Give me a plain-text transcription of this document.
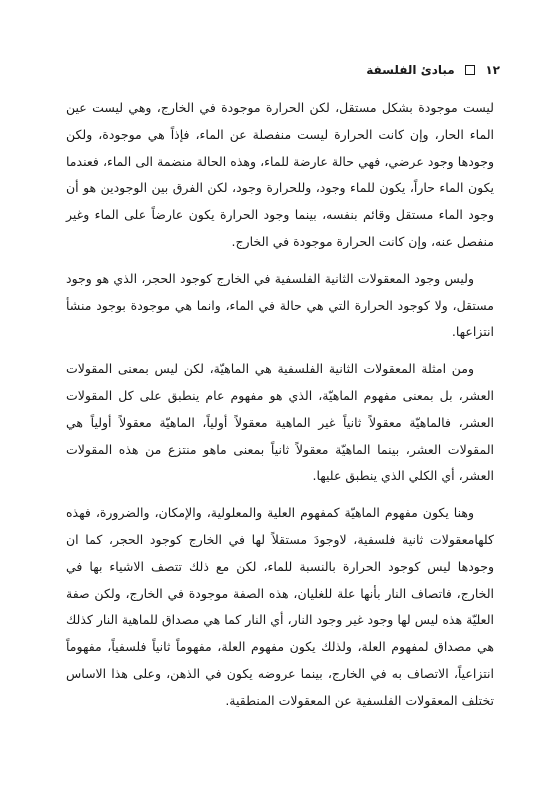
١٢  مبادئ الفلسفة

ليست موجودة بشكل مستقل، لكن الحرارة موجودة في الخارج، وهي ليست عين الماء الحار، وإن كانت الحرارة ليست منفصلة عن الماء، فإذاً هي موجودة، ولكن وجودها وجود عرضي، فهي حالة عارضة للماء، وهذه الحالة منضمة الى الماء، فعندما يكون الماء حاراً، يكون للماء وجود، وللحرارة وجود، لكن الفرق بين الوجودين هو أن وجود الماء مستقل وقائم بنفسه، بينما وجود الحرارة يكون عارضاً على الماء وغير منفصل عنه، وإن كانت الحرارة موجودة في الخارج.

وليس وجود المعقولات الثانية الفلسفية في الخارج كوجود الحجر، الذي هو وجود مستقل، ولا كوجود الحرارة التي هي حالة في الماء، وانما هي موجودة بوجود منشأ انتزاعها.

ومن امثلة المعقولات الثانية الفلسفية هي الماهيّة، لكن ليس بمعنى المقولات العشر، بل بمعنى مفهوم الماهيّة، الذي هو مفهوم عام ينطبق على كل المقولات العشر، فالماهيّة معقولاً ثانياً غير الماهية معقولاً أولياً، الماهيّة معقولاً أولياً هي المقولات العشر، بينما الماهيّة معقولاً ثانياً بمعنى ماهو منتزع من هذه المقولات العشر، أي الكلي الذي ينطبق عليها.

وهنا يكون مفهوم الماهيّة كمفهوم العلية والمعلولية، والإمكان، والضرورة، فهذه كلهامعقولات ثانية فلسفية، لاوجودَ مستقلاً لها في الخارج كوجود الحجر، كما ان وجودها ليس كوجود الحرارة بالنسبة للماء، لكن مع ذلك تتصف الاشياء بها في الخارج، فاتصاف النار بأنها علة للغليان، هذه الصفة موجودة في الخارج، ولكن صفة العليّة هذه ليس لها وجود غير وجود النار، أي النار كما هي مصداق للماهية النار كذلك هي مصداق لمفهوم العلة، ولذلك يكون مفهوم العلة، مفهوماً ثانياً فلسفياً، مفهوماً انتزاعياً، الاتصاف به في الخارج، بينما عروضه يكون في الذهن، وعلى هذا الاساس تختلف المعقولات الفلسفية عن المعقولات المنطقية.
